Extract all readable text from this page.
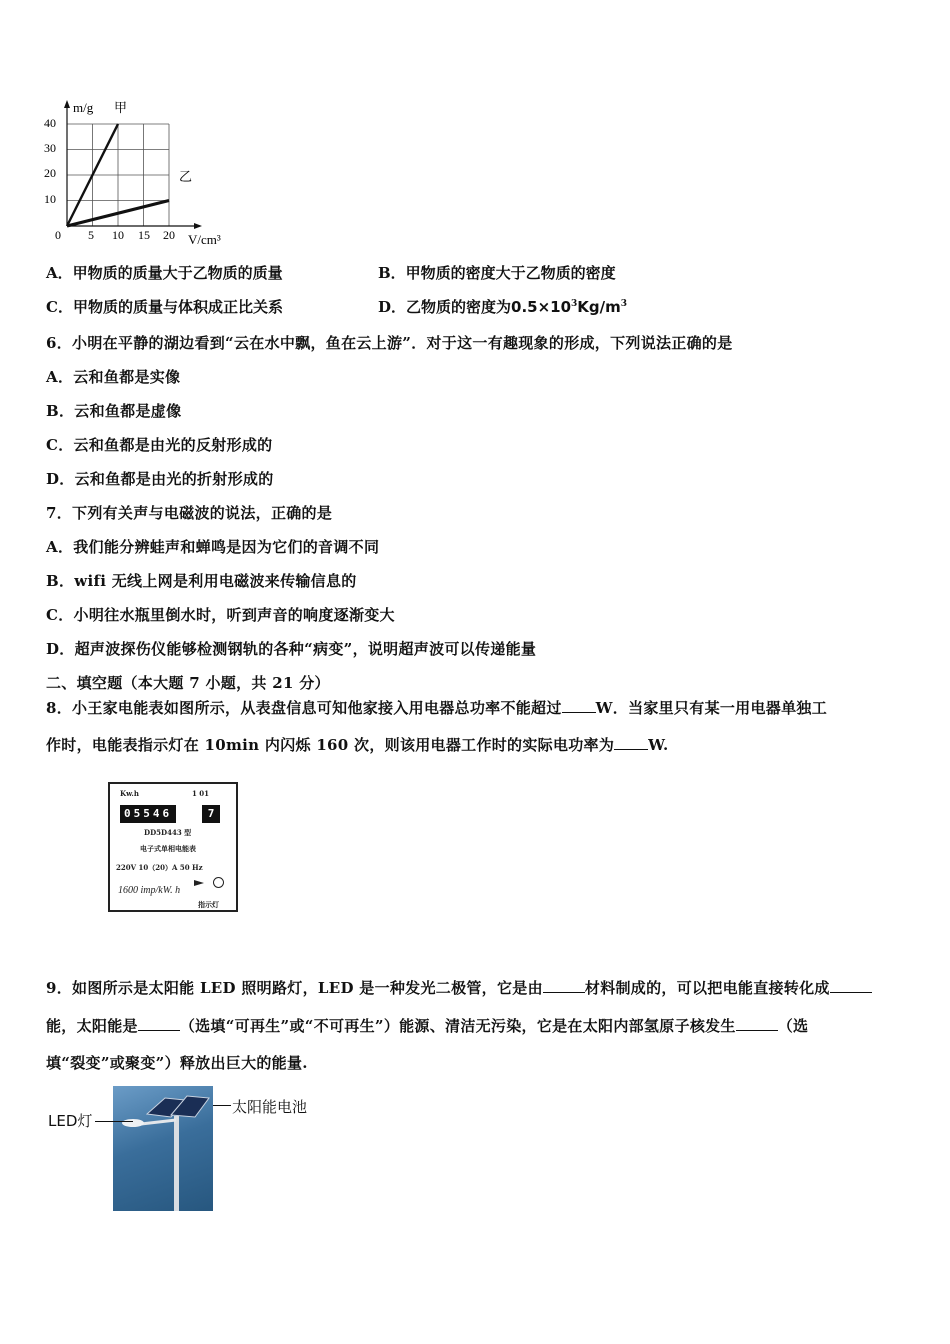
m/g
V/cm³
甲
乙
40
30
20
10
0 5 10 15 20
A．甲物质的质量大于乙物质的质量	B．甲物质的密度大于乙物质的密度
C．甲物质的质量与体积成正比关系	D．乙物质的密度为$0.5\times 10^3Kg/m^3$
6．小明在平静的湖边看到“云在水中飘，鱼在云上游”．对于这一有趣现象的形成，下列说法正确的是
A．云和鱼都是实像
B．云和鱼都是虚像
C．云和鱼都是由光的反射形成的
D．云和鱼都是由光的折射形成的
7．下列有关声与电磁波的说法，正确的是
A．我们能分辨蛙声和蝉鸣是因为它们的音调不同
B．wifi 无线上网是利用电磁波来传输信息的
C．小明往水瓶里倒水时，听到声音的响度逐渐变大
D．超声波探伤仪能够检测钢轨的各种“病变”，说明超声波可以传递能量
二、填空题（本大题 7 小题，共 21 分）
8．小王家电能表如图所示，从表盘信息可知他家接入用电器总功率不能超过 W．当家里只有某一用电器单独工
作时，电能表指示灯在 10min 内闪烁 160 次，则该用电器工作时的实际电功率为 W.
Kw.h	1 01
05546	7
DD5D443 型
电子式单相电能表
220V 10（20）A 50 Hz
1600 imp/kW. h
指示灯
9．如图所示是太阳能 LED 照明路灯，LED 是一种发光二极管，它是由	材料制成的，可以把电能直接转化成
能，太阳能是	（选填“可再生”或“不可再生”）能源、清洁无污染，它是在太阳内部氢原子核发生	（选
填“裂变”或聚变”）释放出巨大的能量.
LED灯
太阳能电池
